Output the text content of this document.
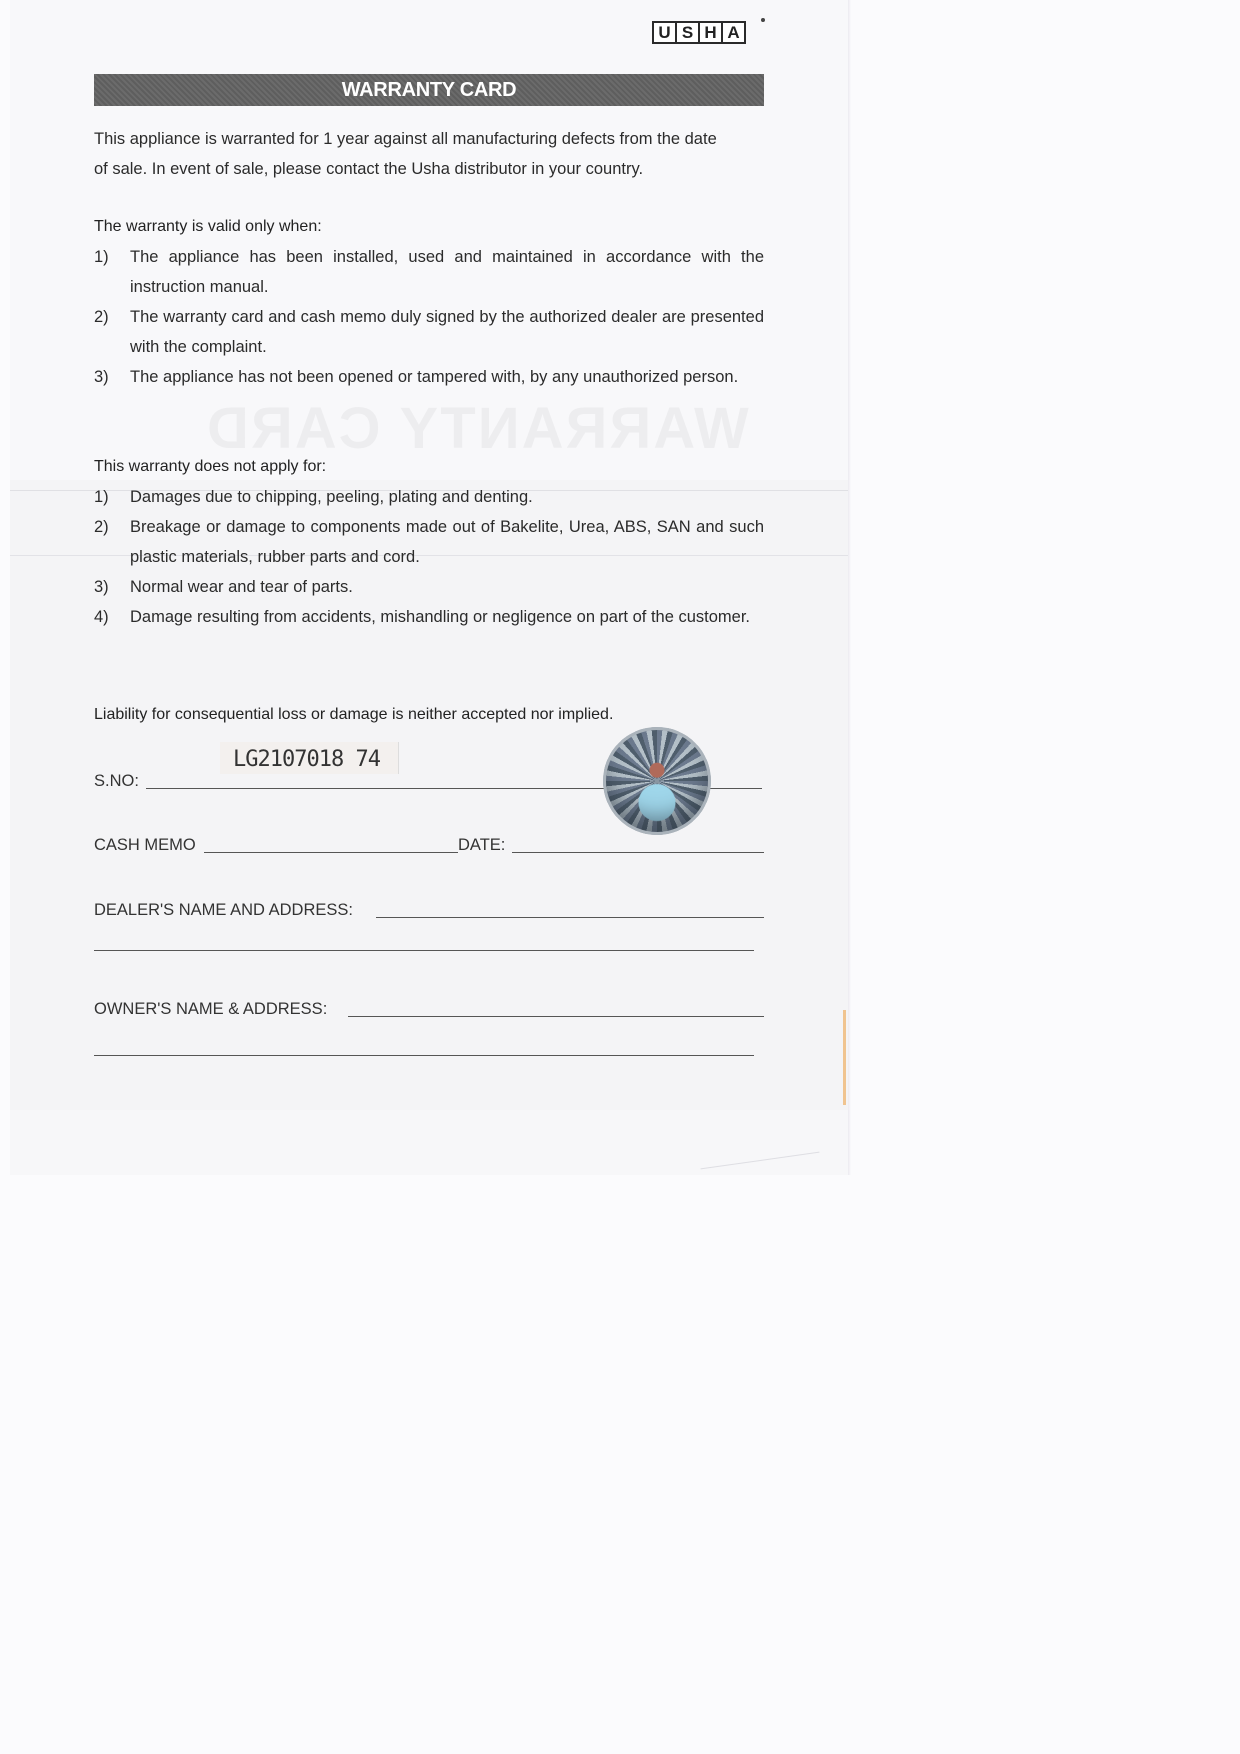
U S H A
WARRANTY CARD
This appliance is warranted for 1 year against all manufacturing defects from the date
of sale. In event of sale, please contact the Usha distributor in your country.
The warranty is valid only when:
1) The appliance has been installed, used and maintained in accordance with the instruction manual.
2) The warranty card and cash memo duly signed by the authorized dealer are presented with the complaint.
3) The appliance has not been opened or tampered with, by any unauthorized person.
This warranty does not apply for:
1) Damages due to chipping, peeling, plating and denting.
2) Breakage or damage to components made out of Bakelite, Urea, ABS, SAN and such plastic materials, rubber parts and cord.
3) Normal wear and tear of parts.
4) Damage resulting from accidents, mishandling or negligence on part of the customer.
Liability for consequential loss or damage is neither accepted nor implied.
S.NO:
LG2107018 74
CASH MEMO	DATE:
DEALER'S NAME AND ADDRESS:
OWNER'S NAME & ADDRESS:
